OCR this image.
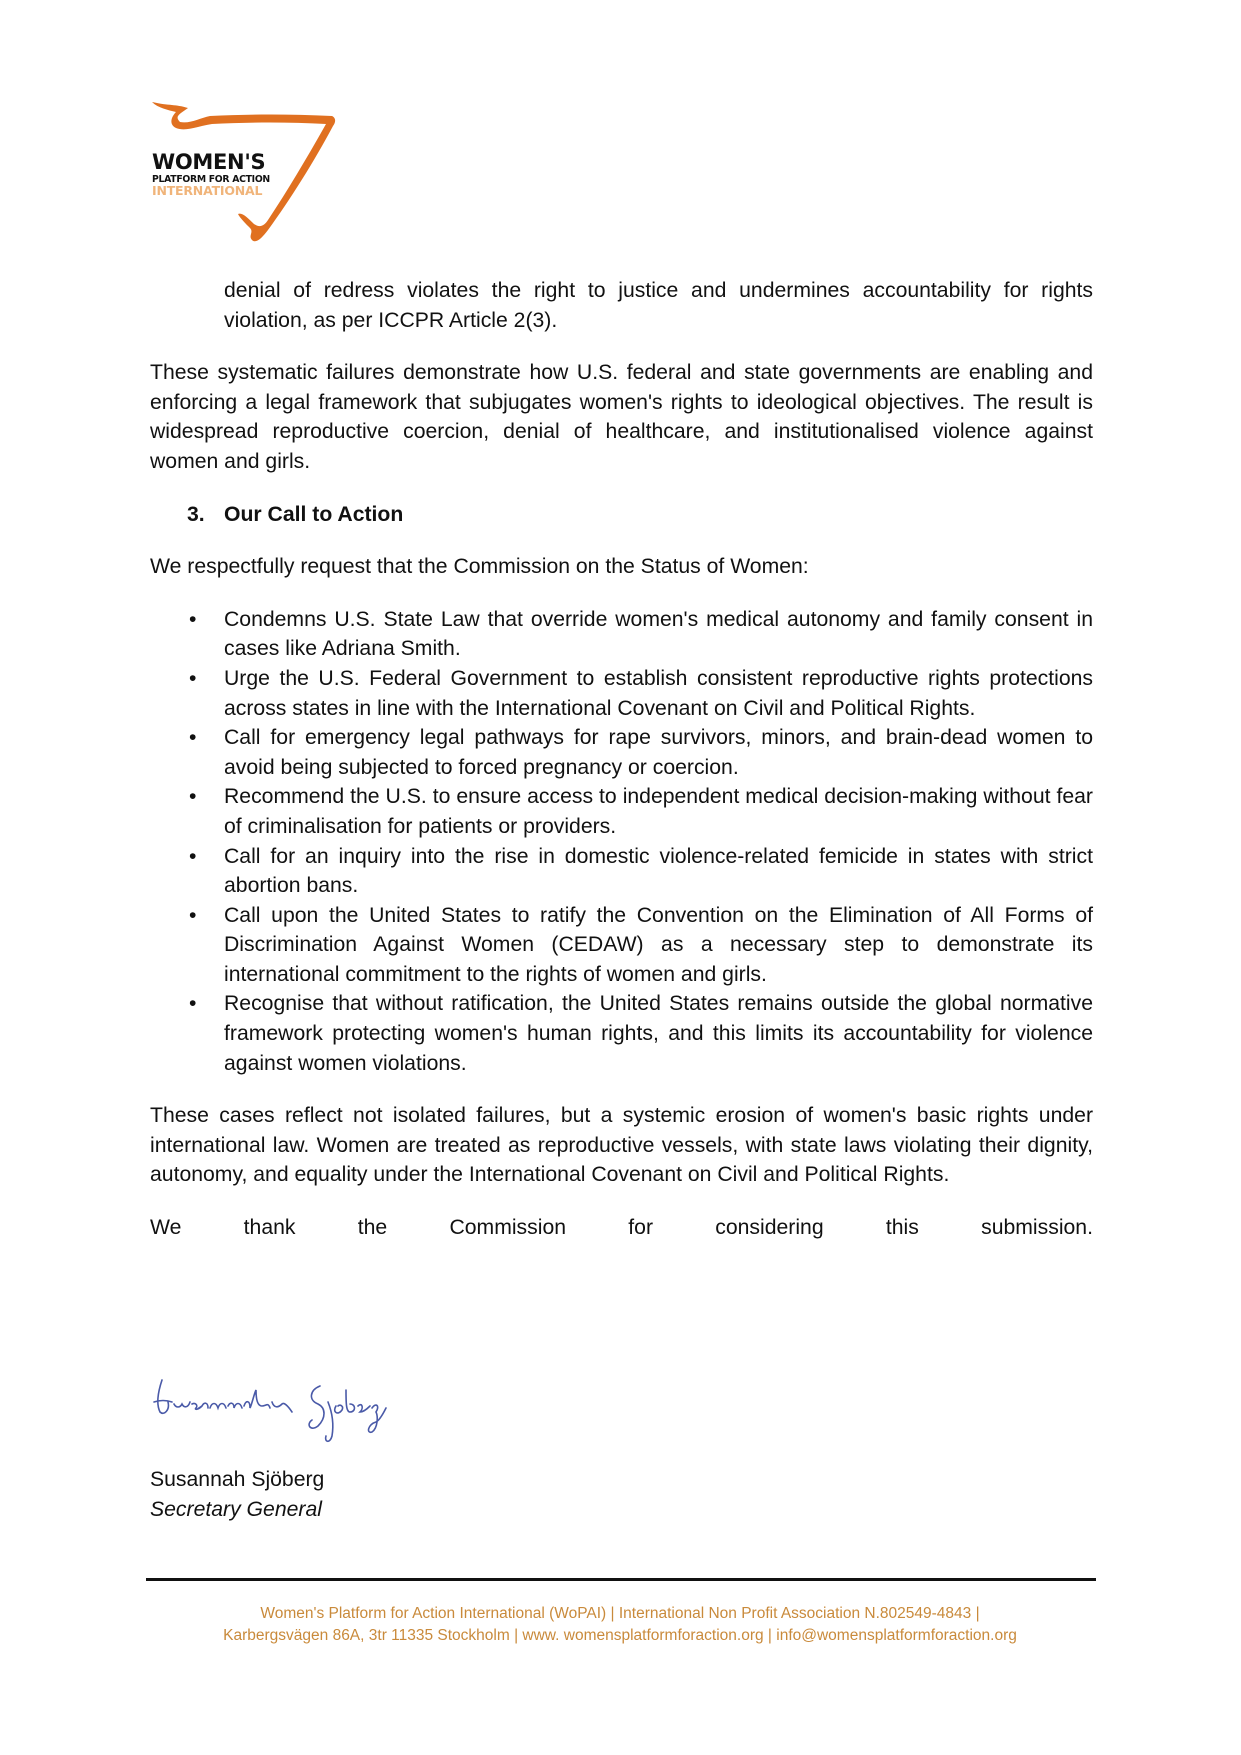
WOMEN'S
PLATFORM FOR ACTION
INTERNATIONAL

denial of redress violates the right to justice and undermines accountability for rights violation, as per ICCPR Article 2(3).

These systematic failures demonstrate how U.S. federal and state governments are enabling and enforcing a legal framework that subjugates women's rights to ideological objectives. The result is widespread reproductive coercion, denial of healthcare, and institutionalised violence against women and girls.

3. Our Call to Action

We respectfully request that the Commission on the Status of Women:

• Condemns U.S. State Law that override women's medical autonomy and family consent in cases like Adriana Smith.
• Urge the U.S. Federal Government to establish consistent reproductive rights protections across states in line with the International Covenant on Civil and Political Rights.
• Call for emergency legal pathways for rape survivors, minors, and brain-dead women to avoid being subjected to forced pregnancy or coercion.
• Recommend the U.S. to ensure access to independent medical decision-making without fear of criminalisation for patients or providers.
• Call for an inquiry into the rise in domestic violence-related femicide in states with strict abortion bans.
• Call upon the United States to ratify the Convention on the Elimination of All Forms of Discrimination Against Women (CEDAW) as a necessary step to demonstrate its international commitment to the rights of women and girls.
• Recognise that without ratification, the United States remains outside the global normative framework protecting women's human rights, and this limits its accountability for violence against women violations.

These cases reflect not isolated failures, but a systemic erosion of women's basic rights under international law. Women are treated as reproductive vessels, with state laws violating their dignity, autonomy, and equality under the International Covenant on Civil and Political Rights.

We	thank	the	Commission	for	considering	this	submission.

Susannah Sjöberg
Secretary General
Women's Platform for Action International (WoPAI) | International Non Profit Association N.802549-4843 |
Karbergsvägen 86A, 3tr 11335 Stockholm | www. womensplatformforaction.org | info@womensplatformforaction.org
